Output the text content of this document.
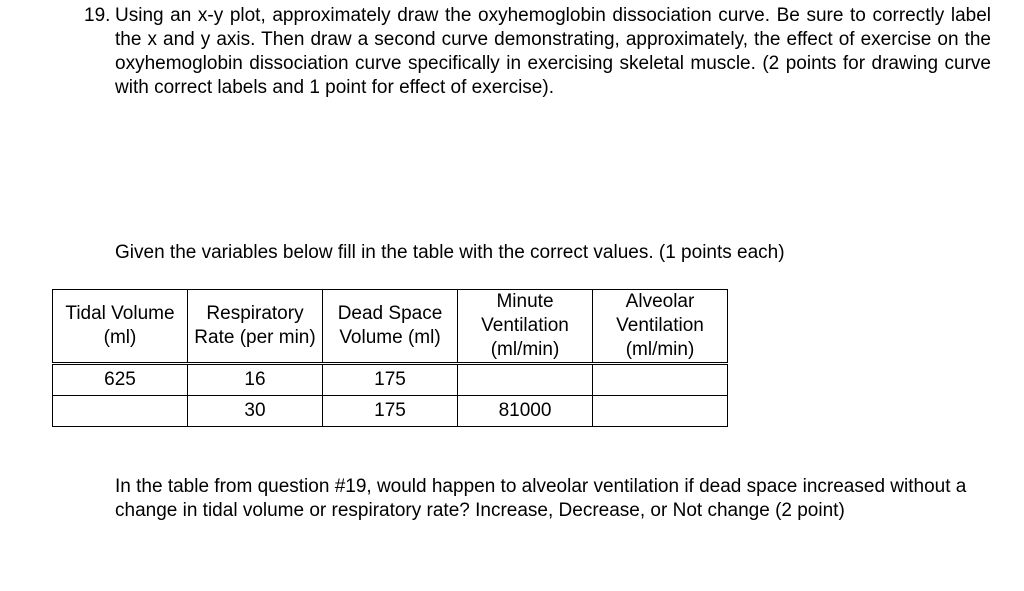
19. Using an x-y plot, approximately draw the oxyhemoglobin dissociation curve. Be sure to correctly label the x and y axis. Then draw a second curve demonstrating, approximately, the effect of exercise on the oxyhemoglobin dissociation curve specifically in exercising skeletal muscle. (2 points for drawing curve with correct labels and 1 point for effect of exercise).
Given the variables below fill in the table with the correct values. (1 points each)
Tidal Volume (ml)	Respiratory Rate (per min)	Dead Space Volume (ml)	Minute Ventilation (ml/min)	Alveolar Ventilation (ml/min)
625	16	175		
	30	175	81000	
In the table from question #19, would happen to alveolar ventilation if dead space increased without a change in tidal volume or respiratory rate? Increase, Decrease, or Not change (2 point)
